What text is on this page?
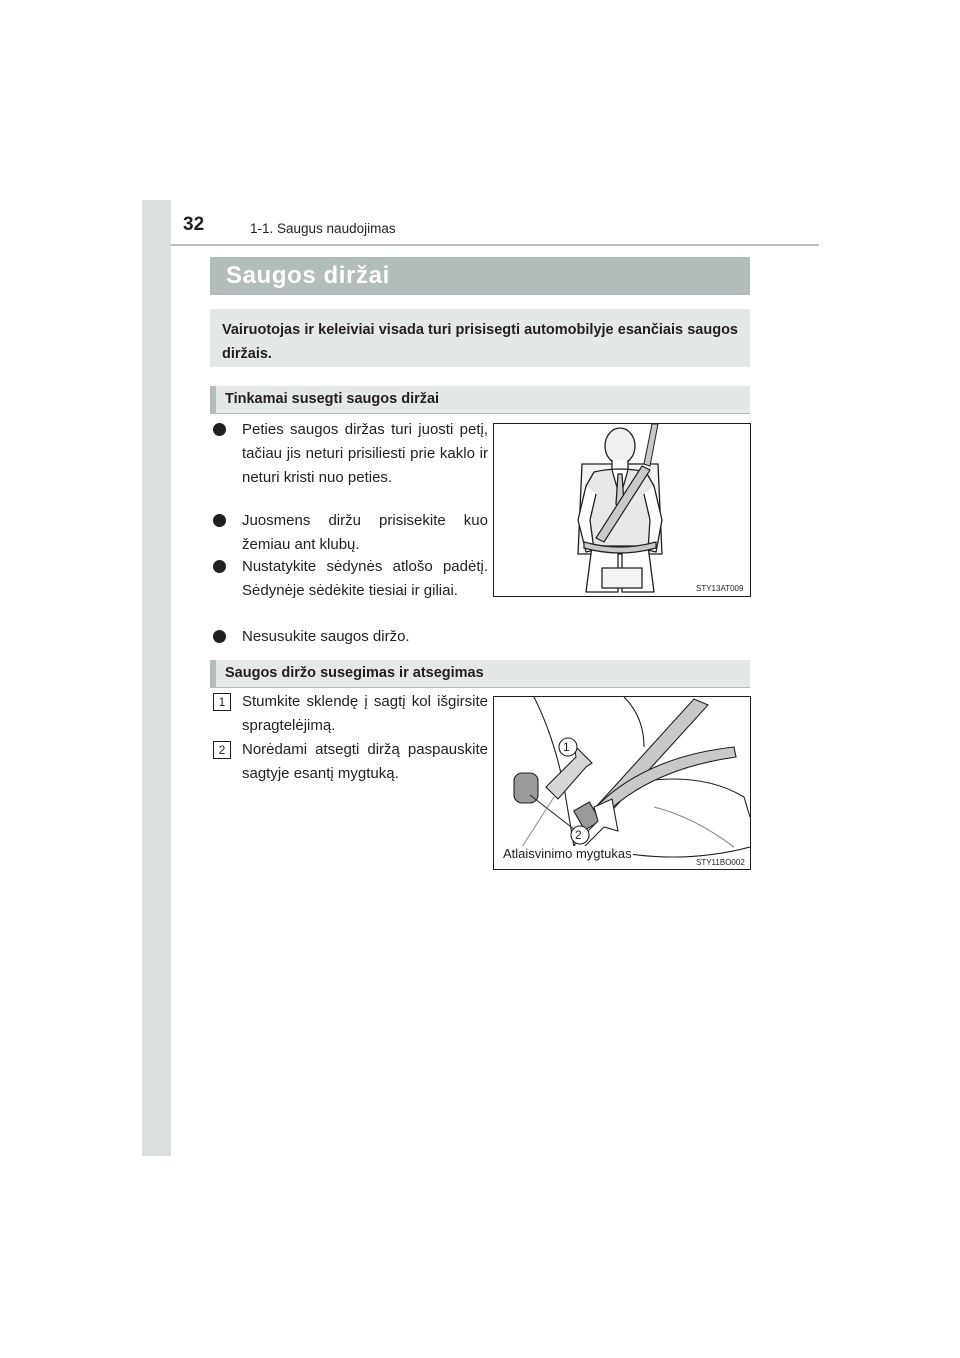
32	1-1. Saugus naudojimas
Saugos diržai
Vairuotojas ir keleiviai visada turi prisisegti automobilyje esančiais saugos diržais.
Tinkamai susegti saugos diržai
Peties saugos diržas turi juosti petį, tačiau jis neturi prisiliesti prie kaklo ir neturi kristi nuo peties.
Juosmens diržu prisisekite kuo žemiau ant klubų.
Nustatykite sėdynės atlošo padėtį. Sėdynėje sėdėkite tiesiai ir giliai.
Nesusukite saugos diržo.
STY13AT009
Saugos diržo susegimas ir atsegimas
1	Stumkite sklendę į sagtį kol išgirsite spragtelėjimą.
2	Norėdami atsegti diržą paspauskite sagtyje esantį mygtuką.
1
2
STY11BO002
Atlaisvinimo mygtukas
